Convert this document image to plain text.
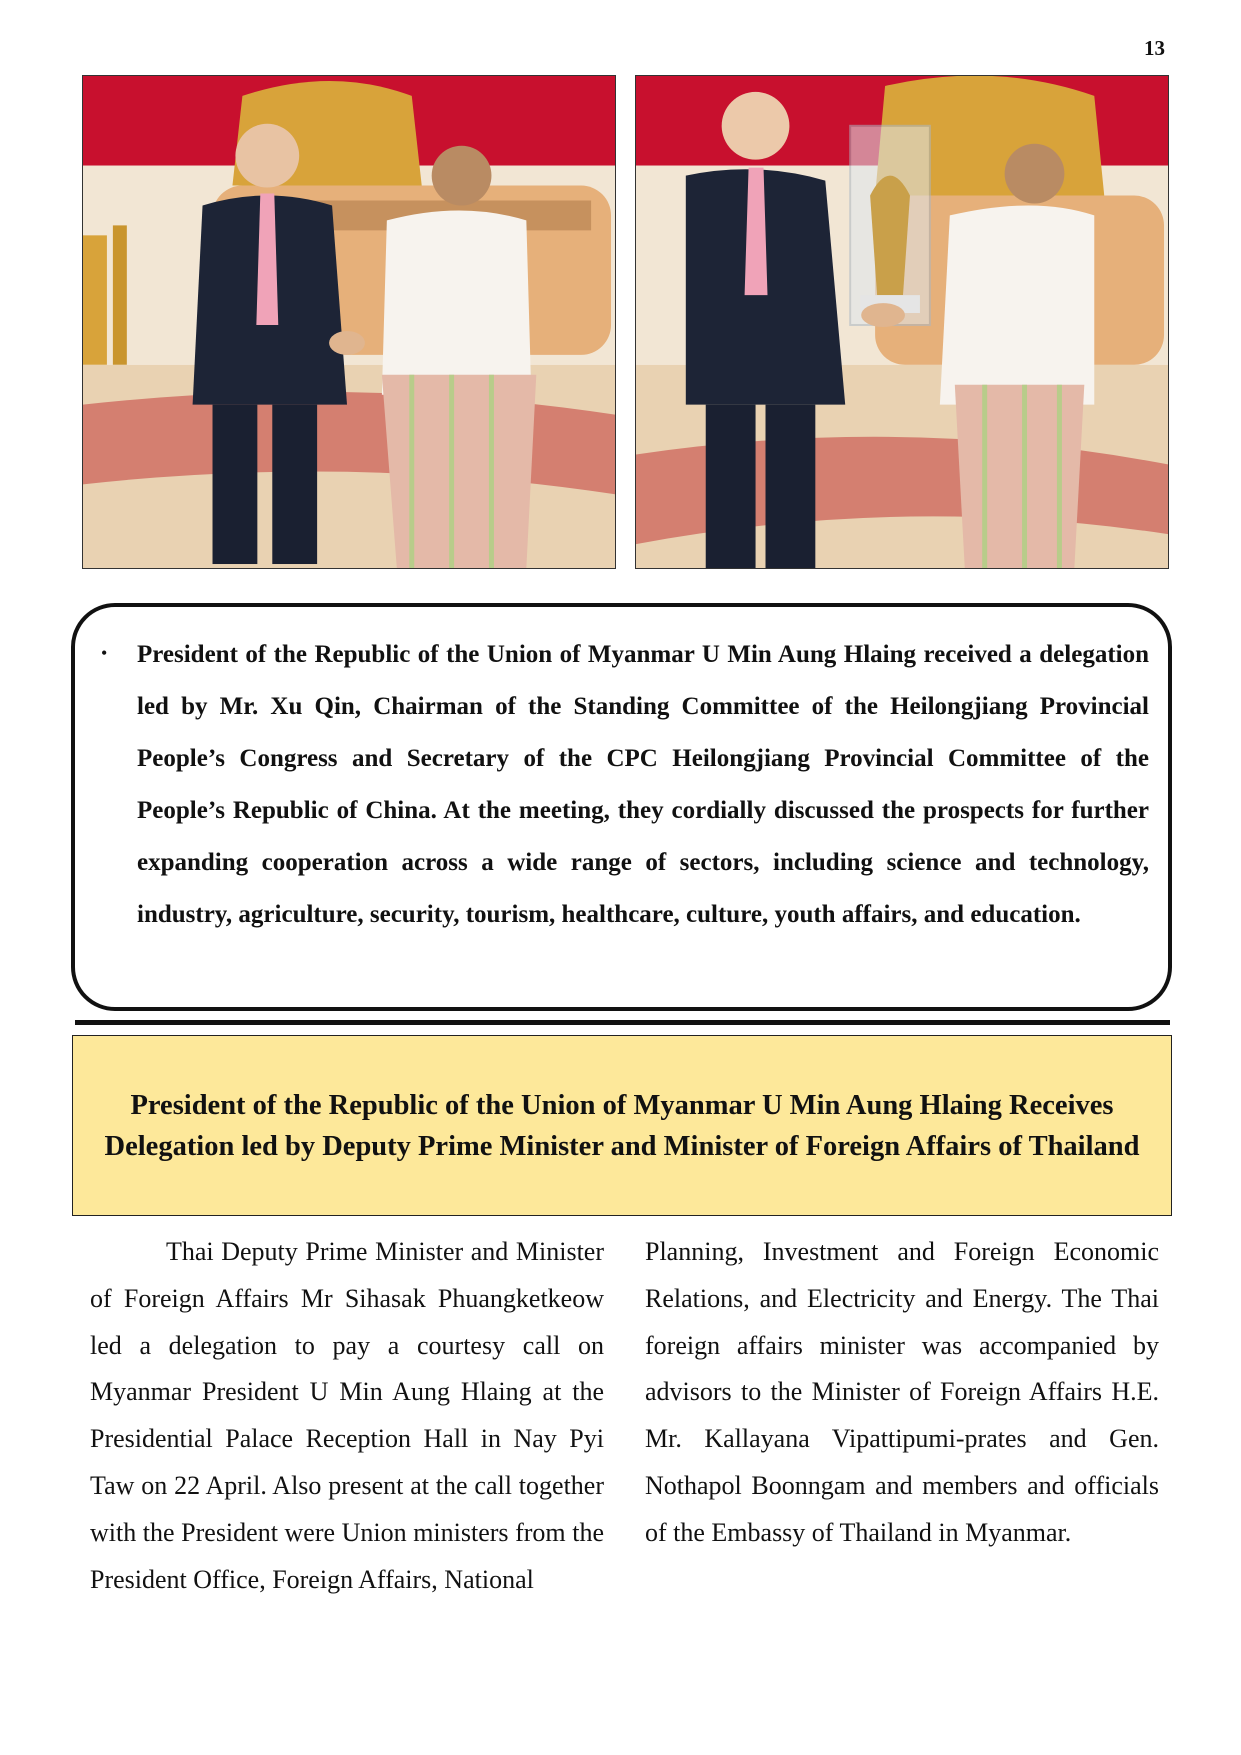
13
• President of the Republic of the Union of Myanmar U Min Aung Hlaing received a delegation led by Mr. Xu Qin, Chairman of the Standing Committee of the Heilongjiang Provincial People’s Congress and Secretary of the CPC Heilongjiang Provincial Committee of the People’s Republic of China. At the meeting, they cordially discussed the prospects for further expanding cooperation across a wide range of sectors, including science and technology, industry, agriculture, security, tourism, healthcare, culture, youth affairs, and education.

President of the Republic of the Union of Myanmar U Min Aung Hlaing Receives Delegation led by Deputy Prime Minister and Minister of Foreign Affairs of Thailand

Thai Deputy Prime Minister and Minister of Foreign Affairs Mr Sihasak Phuangketkeow led a delegation to pay a courtesy call on Myanmar President U Min Aung Hlaing at the Presidential Palace Reception Hall in Nay Pyi Taw on 22 April. Also present at the call together with the President were Union ministers from the President Office, Foreign Affairs, National

Planning, Investment and Foreign Economic Relations, and Electricity and Energy. The Thai foreign affairs minister was accompanied by advisors to the Minister of Foreign Affairs H.E. Mr. Kallayana Vipattipumi-prates and Gen. Nothapol Boonngam and members and officials of the Embassy of Thailand in Myanmar.
